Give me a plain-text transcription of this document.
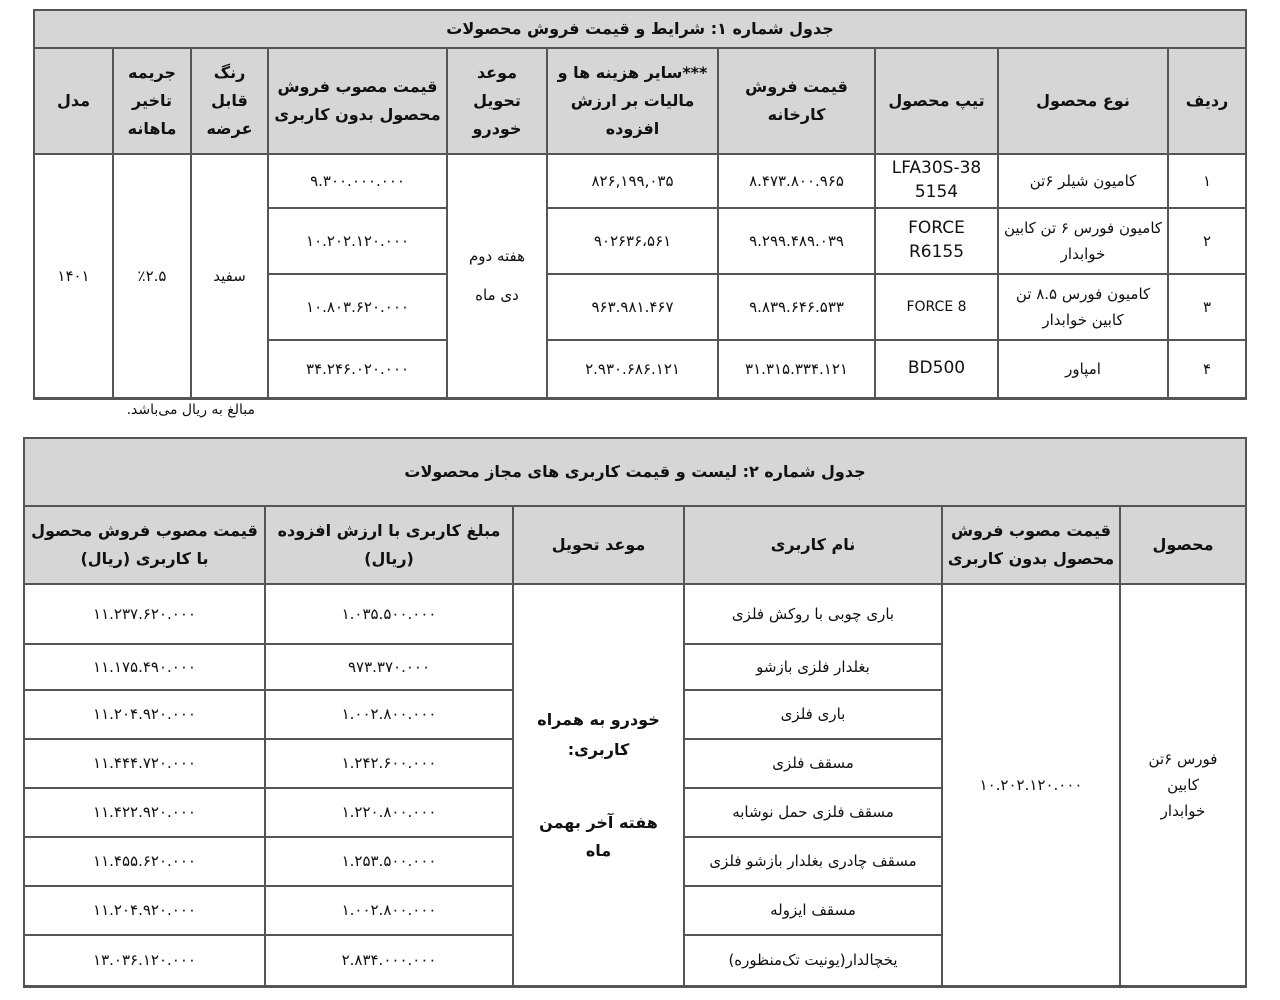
جدول شماره ۱: شرایط و قیمت فروش محصولات
ردیف
نوع محصول
تیپ محصول
قیمت فروش کارخانه
***سایر هزینه ها و مالیات بر ارزش افزوده
موعد تحویل خودرو
قیمت مصوب فروش محصول بدون کاربری
رنگ قابل عرضه
جریمه تاخیر ماهانه
مدل
۱
کامیون شیلر ۶تن
LFA30S-38 5154
۸.۴۷۳.۸۰۰.۹۶۵
۸۲۶,۱۹۹,۰۳۵
۹.۳۰۰.۰۰۰.۰۰۰
۲
کامیون فورس ۶ تن کابین خوابدار
FORCE R6155
۹.۲۹۹.۴۸۹.۰۳۹
۹۰۲۶۳۶،۵۶۱
۱۰.۲۰۲.۱۲۰.۰۰۰
۳
کامیون فورس ۸.۵ تن کابین خوابدار
FORCE 8
۹.۸۳۹.۶۴۶.۵۳۳
۹۶۳.۹۸۱.۴۶۷
۱۰.۸۰۳.۶۲۰.۰۰۰
۴
امپاور
BD500
۳۱.۳۱۵.۳۳۴.۱۲۱
۲.۹۳۰.۶۸۶.۱۲۱
۳۴.۲۴۶.۰۲۰.۰۰۰
هفته دوم دی ماه
سفید
٪۲.۵
۱۴۰۱
مبالغ به ریال می‌باشد.
جدول شماره ۲: لیست و قیمت کاربری های مجاز محصولات
محصول
قیمت مصوب فروش محصول بدون کاربری
نام کاربری
موعد تحویل
مبلغ کاربری با ارزش افزوده (ریال)
قیمت مصوب فروش محصول با کاربری (ریال)
فورس ۶تن کابین خوابدار
۱۰.۲۰۲.۱۲۰.۰۰۰
خودرو به همراه کاربری:
هفته آخر بهمن ماه
باری چوبی با روکش فلزی
۱.۰۳۵.۵۰۰.۰۰۰
۱۱.۲۳۷.۶۲۰.۰۰۰
بغلدار فلزی بازشو
۹۷۳.۳۷۰.۰۰۰
۱۱.۱۷۵.۴۹۰.۰۰۰
باری فلزی
۱.۰۰۲.۸۰۰.۰۰۰
۱۱.۲۰۴.۹۲۰.۰۰۰
مسقف فلزی
۱.۲۴۲.۶۰۰.۰۰۰
۱۱.۴۴۴.۷۲۰.۰۰۰
مسقف فلزی حمل نوشابه
۱.۲۲۰.۸۰۰.۰۰۰
۱۱.۴۲۲.۹۲۰.۰۰۰
مسقف چادری بغلدار بازشو فلزی
۱.۲۵۳.۵۰۰.۰۰۰
۱۱.۴۵۵.۶۲۰.۰۰۰
مسقف ایزوله
۱.۰۰۲.۸۰۰.۰۰۰
۱۱.۲۰۴.۹۲۰.۰۰۰
یخچالدار(یونیت تک‌منظوره)
۲.۸۳۴.۰۰۰.۰۰۰
۱۳.۰۳۶.۱۲۰.۰۰۰
